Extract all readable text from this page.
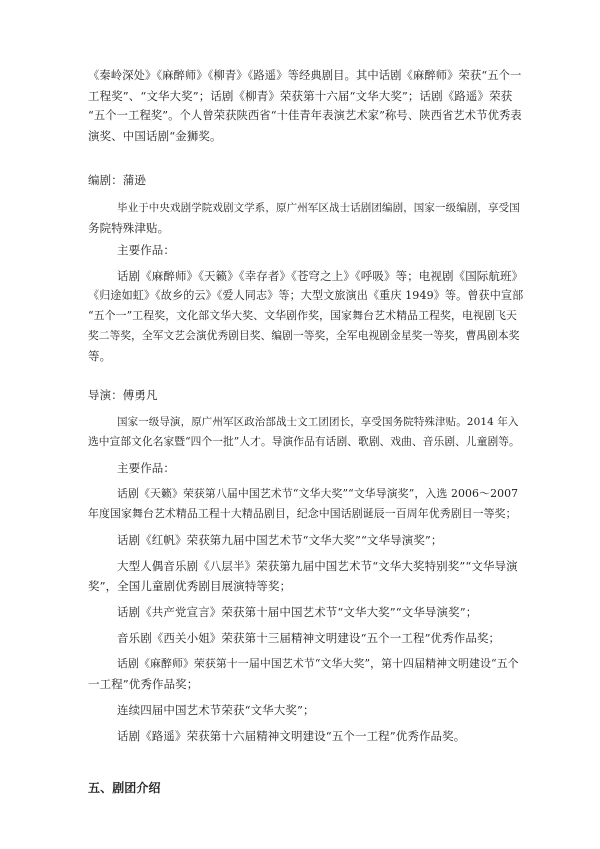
《秦岭深处》《麻醉师》《柳青》《路遥》等经典剧目。其中话剧《麻醉师》荣获“五个一
工程奖”、“文华大奖”；话剧《柳青》荣获第十六届“文华大奖”；话剧《路遥》荣获
“五个一工程奖”。个人曾荣获陕西省“十佳青年表演艺术家”称号、陕西省艺术节优秀表
演奖、中国话剧“金狮奖。
编剧：蒲逊
毕业于中央戏剧学院戏剧文学系，原广州军区战士话剧团编剧，国家一级编剧，享受国
务院特殊津贴。
主要作品：
话剧《麻醉师》《天籁》《幸存者》《苍穹之上》《呼吸》等；电视剧《国际航班》
《归途如虹》《故乡的云》《爱人同志》等；大型文旅演出《重庆 1949》等。曾获中宣部
“五个一”工程奖，文化部文华大奖、文华剧作奖，国家舞台艺术精品工程奖，电视剧飞天
奖二等奖，全军文艺会演优秀剧目奖、编剧一等奖，全军电视剧金星奖一等奖，曹禺剧本奖
等。
导演：傅勇凡
国家一级导演，原广州军区政治部战士文工团团长，享受国务院特殊津贴。2014 年入
选中宣部文化名家暨“四个一批”人才。导演作品有话剧、歌剧、戏曲、音乐剧、儿童剧等。
主要作品：
话剧《天籁》荣获第八届中国艺术节“文华大奖”“文华导演奖”，入选 2006～2007
年度国家舞台艺术精品工程十大精品剧目，纪念中国话剧诞辰一百周年优秀剧目一等奖；
话剧《红帆》荣获第九届中国艺术节“文华大奖”“文华导演奖”；
大型人偶音乐剧《八层半》荣获第九届中国艺术节“文华大奖特别奖”“文华导演
奖”，全国儿童剧优秀剧目展演特等奖；
话剧《共产党宣言》荣获第十届中国艺术节“文华大奖”“文华导演奖”；
音乐剧《西关小姐》荣获第十三届精神文明建设“五个一工程”优秀作品奖；
话剧《麻醉师》荣获第十一届中国艺术节“文华大奖”，第十四届精神文明建设“五个
一工程”优秀作品奖；
连续四届中国艺术节荣获“文华大奖”；
话剧《路遥》荣获第十六届精神文明建设“五个一工程”优秀作品奖。
五、剧团介绍
